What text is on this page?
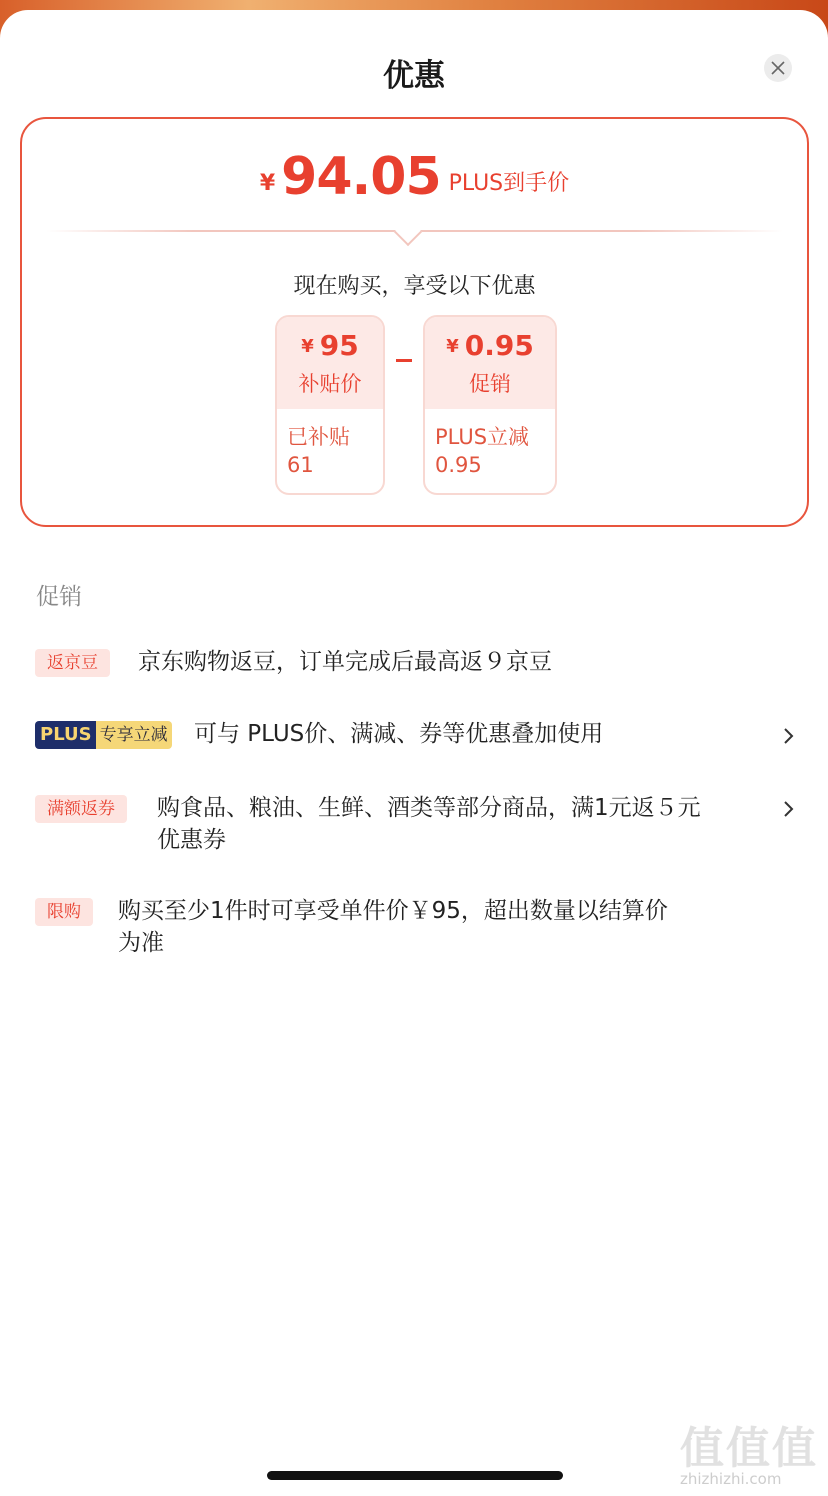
优惠
¥ 94.05 PLUS到手价
现在购买，享受以下优惠
¥ 95
补贴价
已补贴
61
¥ 0.95
促销
PLUS立减
0.95
促销
返京豆	京东购物返豆，订单完成后最高返９京豆
PLUS 专享立减 可与 PLUS价、满减、券等优惠叠加使用
满额返券	购食品、粮油、生鲜、酒类等部分商品，满1元返５元
优惠券
限购	购买至少1件时可享受单件价￥95，超出数量以结算价
为准
值值值
zhizhizhi.com
